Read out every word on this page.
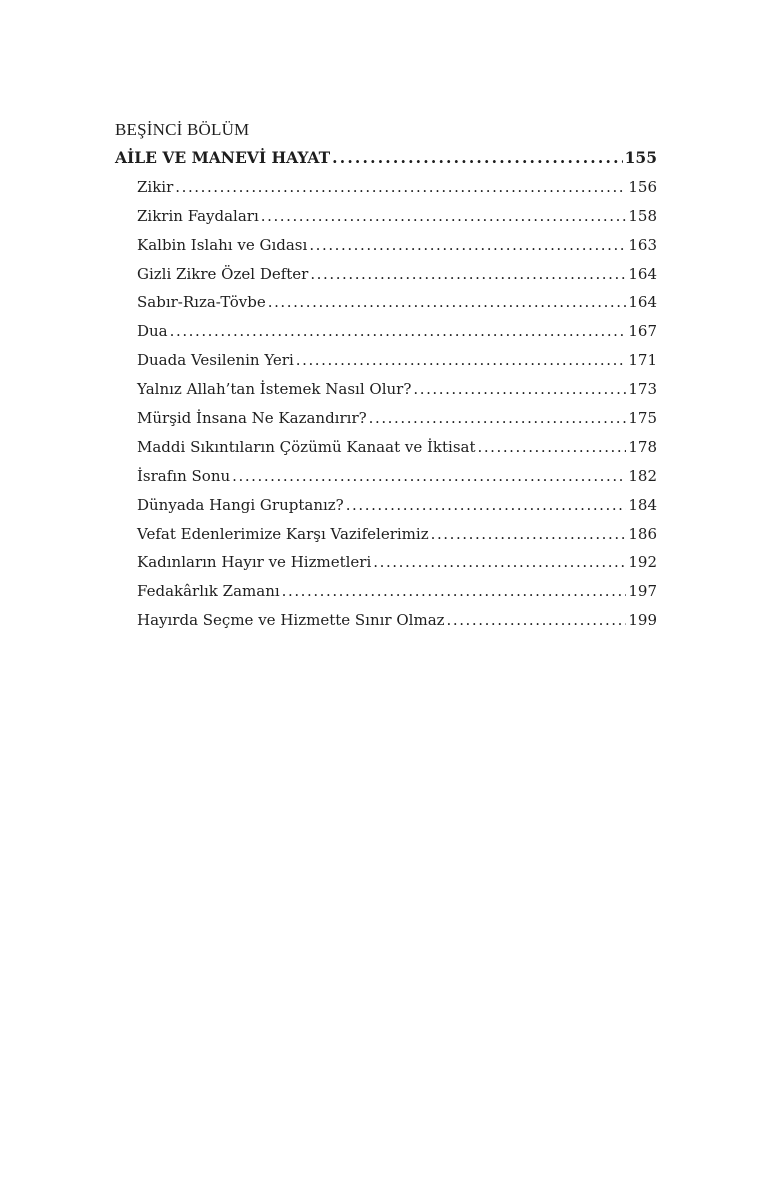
BEŞİNCİ BÖLÜM
AİLE VE MANEVİ HAYAT . . .	155
Zikir . . .	156
Zikrin Faydaları . . .	158
Kalbin Islahı ve Gıdası . . .	163
Gizli Zikre Özel Defter . . .	164
Sabır-Rıza-Tövbe . . .	164
Dua . . .	167
Duada Vesilenin Yeri . . .	171
Yalnız Allah’tan İstemek Nasıl Olur? . . .	173
Mürşid İnsana Ne Kazandırır? . . .	175
Maddi Sıkıntıların Çözümü Kanaat ve İktisat . . .	178
İsrafın Sonu . . .	182
Dünyada Hangi Gruptanız? . . .	184
Vefat Edenlerimize Karşı Vazifelerimiz . . .	186
Kadınların Hayır ve Hizmetleri . . .	192
Fedakârlık Zamanı . . .	197
Hayırda Seçme ve Hizmette Sınır Olmaz . . .	199
